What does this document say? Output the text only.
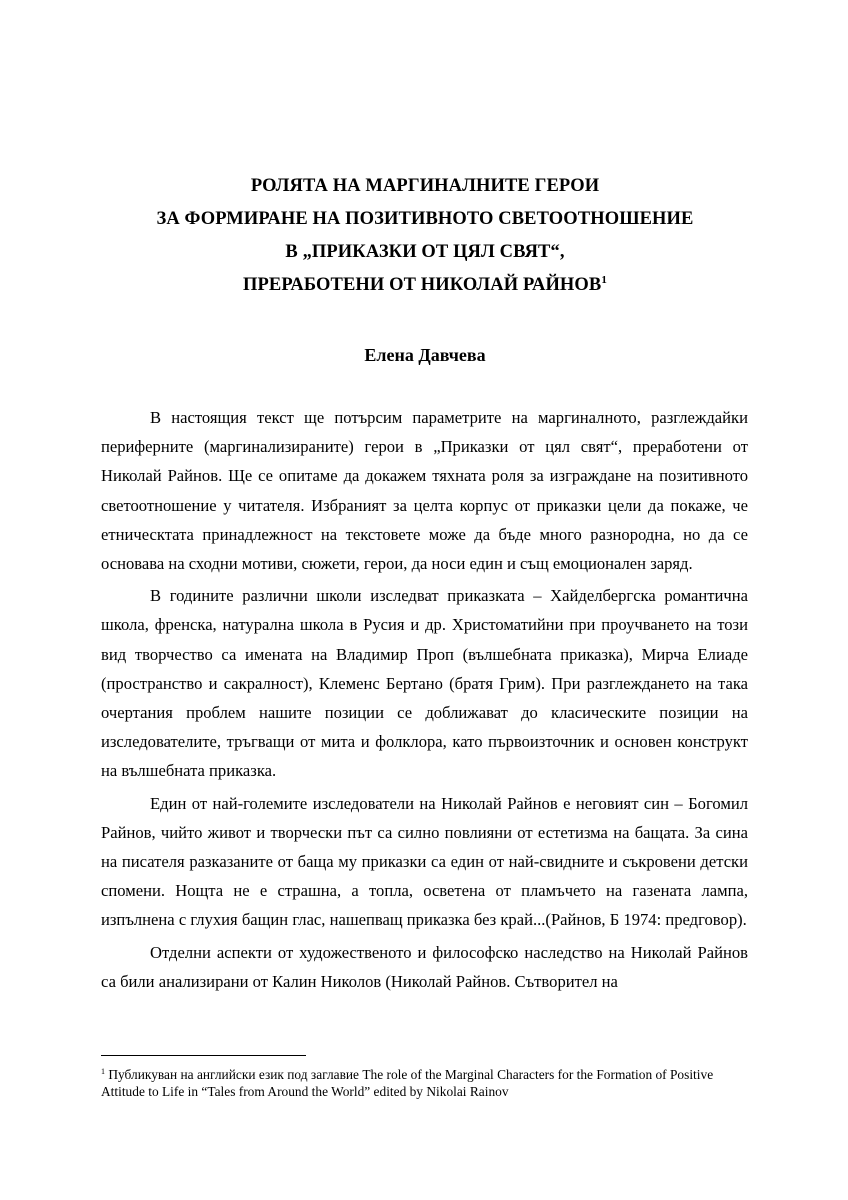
РОЛЯТА НА МАРГИНАЛНИТЕ ГЕРОИ
ЗА ФОРМИРАНЕ НА ПОЗИТИВНОТО СВЕТООТНОШЕНИЕ
В „ПРИКАЗКИ ОТ ЦЯЛ СВЯТ“,
ПРЕРАБОТЕНИ ОТ НИКОЛАЙ РАЙНОВ$^1$
Елена Давчева

В настоящия текст ще потърсим параметрите на маргиналното, разглеждайки периферните (маргинализираните) герои в „Приказки от цял свят“, преработени от Николай Райнов. Ще се опитаме да докажем тяхната роля за изграждане на позитивното светоотношение у читателя. Избраният за целта корпус от приказки цели да покаже, че етническтата принадлежност на текстовете може да бъде много разнородна, но да се основава на сходни мотиви, сюжети, герои, да носи един и същ емоционален заряд.

В годините различни школи изследват приказката – Хайделбергска романтична школа, френска, натурална школа в Русия и др. Христоматийни при проучването на този вид творчество са имената на Владимир Проп (вълшебната приказка), Мирча Елиаде (пространство и сакралност), Клеменс Бертано (братя Грим). При разглеждането на така очертания проблем нашите позиции се доближават до класическите позиции на изследователите, тръгващи от мита и фолклора, като първоизточник и основен конструкт на вълшебната приказка.

Един от най-големите изследователи на Николай Райнов е неговият син – Богомил Райнов, чийто живот и творчески път са силно повлияни от естетизма на бащата. За сина на писателя разказаните от баща му приказки са един от най-свидните и съкровени детски спомени. Нощта не е страшна, а топла, осветена от пламъчето на газената лампа, изпълнена с глухия бащин глас, нашепващ приказка без край...(Райнов, Б 1974: предговор).

Отделни аспекти от художественото и философско наследство на Николай Райнов са били анализирани от Калин Николов (Николай Райнов. Сътворител на

$^1$ Публикуван на английски език под заглавие The role of the Marginal Characters for the Formation of Positive Attitude to Life in “Tales from Around the World” edited by Nikolai Rainov
